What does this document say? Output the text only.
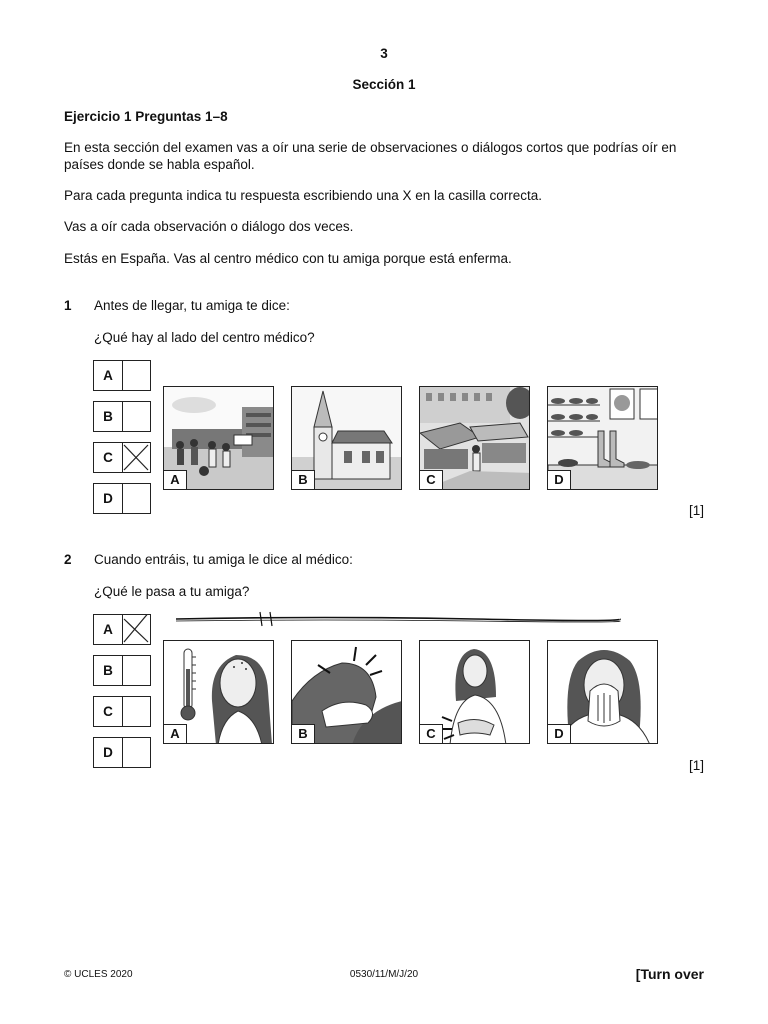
3
Sección 1
Ejercicio 1 Preguntas 1–8
En esta sección del examen vas a oír una serie de observaciones o diálogos cortos que podrías oír en
países donde se habla español.
Para cada pregunta indica tu respuesta escribiendo una X en la casilla correcta.
Vas a oír cada observación o diálogo dos veces.
Estás en España. Vas al centro médico con tu amiga porque está enferma.
1 Antes de llegar, tu amiga te dice:
¿Qué hay al lado del centro médico?
A
B
C
D
A	B	C	D
[1]
2 Cuando entráis, tu amiga le dice al médico:
¿Qué le pasa a tu amiga?
A
B
C
D
A	B	C	D
[1]
© UCLES 2020	0530/11/M/J/20	[Turn over
